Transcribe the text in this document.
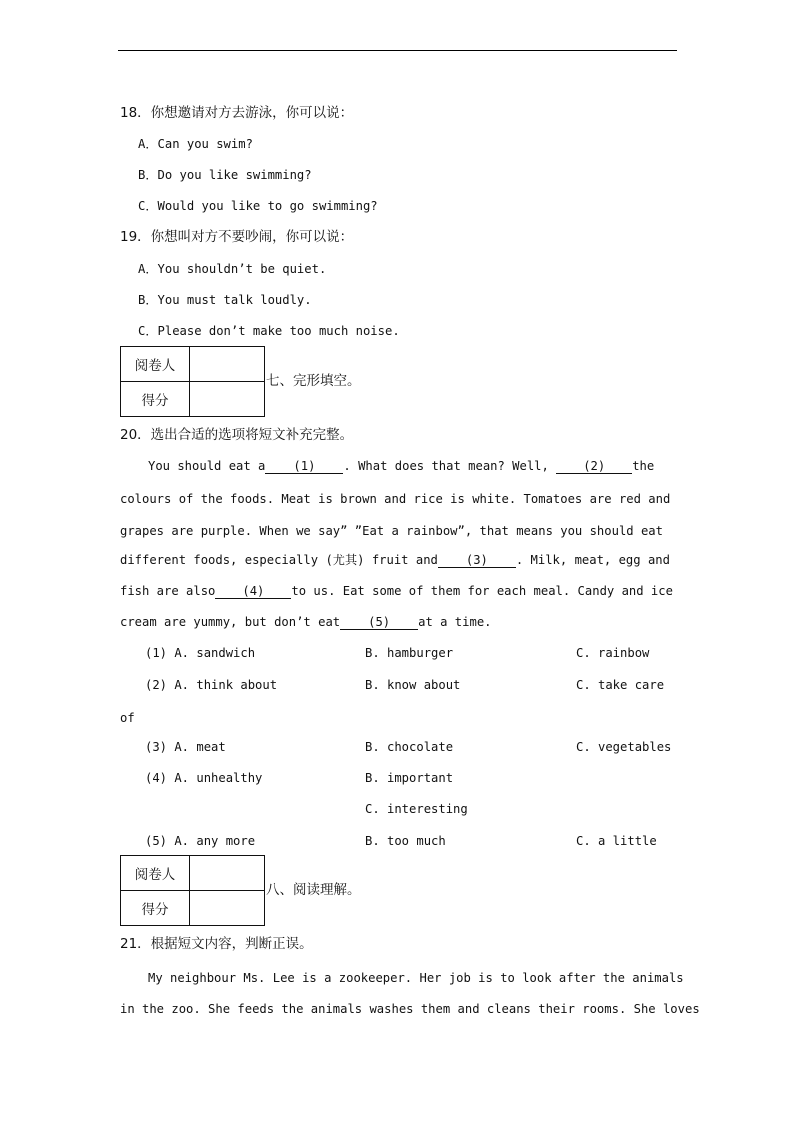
18．你想邀请对方去游泳，你可以说：
A．Can you swim?
B．Do you like swimming?
C．Would you like to go swimming?
19．你想叫对方不要吵闹，你可以说：
A．You shouldn’t be quiet.
B．You must talk loudly.
C．Please don’t make too much noise.
阅卷人	
得分	
七、完形填空。
20．选出合适的选项将短文补充完整。
You should eat a (1) . What does that mean? Well,	(2) the
colours of the foods. Meat is brown and rice is white. Tomatoes are red and
grapes are purple. When we sayˮ ˮEat a rainbowˮ, that means you should eat
different foods, especially (尤其) fruit and (3) . Milk, meat, egg and
fish are also (4) to us. Eat some of them for each meal. Candy and ice
cream are yummy, but don’t eat (5) at a time.
(1) A. sandwich	B. hamburger	C. rainbow
(2) A. think about	B. know about	C. take care
of
(3) A. meat	B. chocolate	C. vegetables
(4) A. unhealthy	B. important
C. interesting
(5) A. any more	B. too much	C. a little
阅卷人	
得分	
八、阅读理解。
21．根据短文内容，判断正误。
My neighbour Ms. Lee is a zookeeper. Her job is to look after the animals
in the zoo. She feeds the animals washes them and cleans their rooms. She loves
